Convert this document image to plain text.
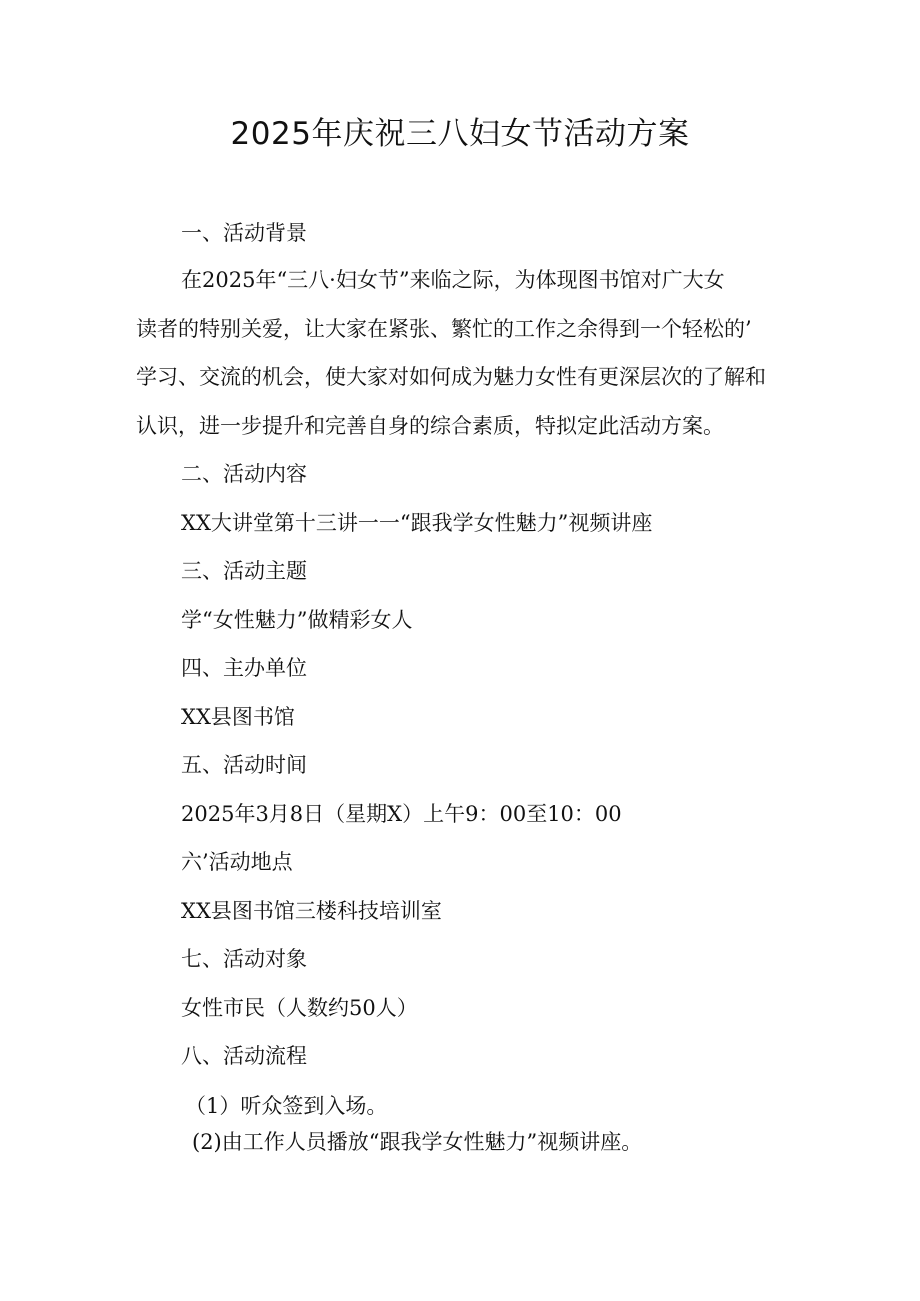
2025年庆祝三八妇女节活动方案
一、活动背景
在2025年“三八·妇女节”来临之际，为体现图书馆对广大女
读者的特别关爱，让大家在紧张、繁忙的工作之余得到一个轻松的’
学习、交流的机会，使大家对如何成为魅力女性有更深层次的了解和
认识，进一步提升和完善自身的综合素质，特拟定此活动方案。
二、活动内容
XX大讲堂第十三讲一一“跟我学女性魅力”视频讲座
三、活动主题
学“女性魅力”做精彩女人
四、主办单位
XX县图书馆
五、活动时间
2025年3月8日（星期X）上午9：00至10：00
六’活动地点
XX县图书馆三楼科技培训室
七、活动对象
女性市民（人数约50人）
八、活动流程
（1）听众签到入场。
(2)由工作人员播放“跟我学女性魅力”视频讲座。
